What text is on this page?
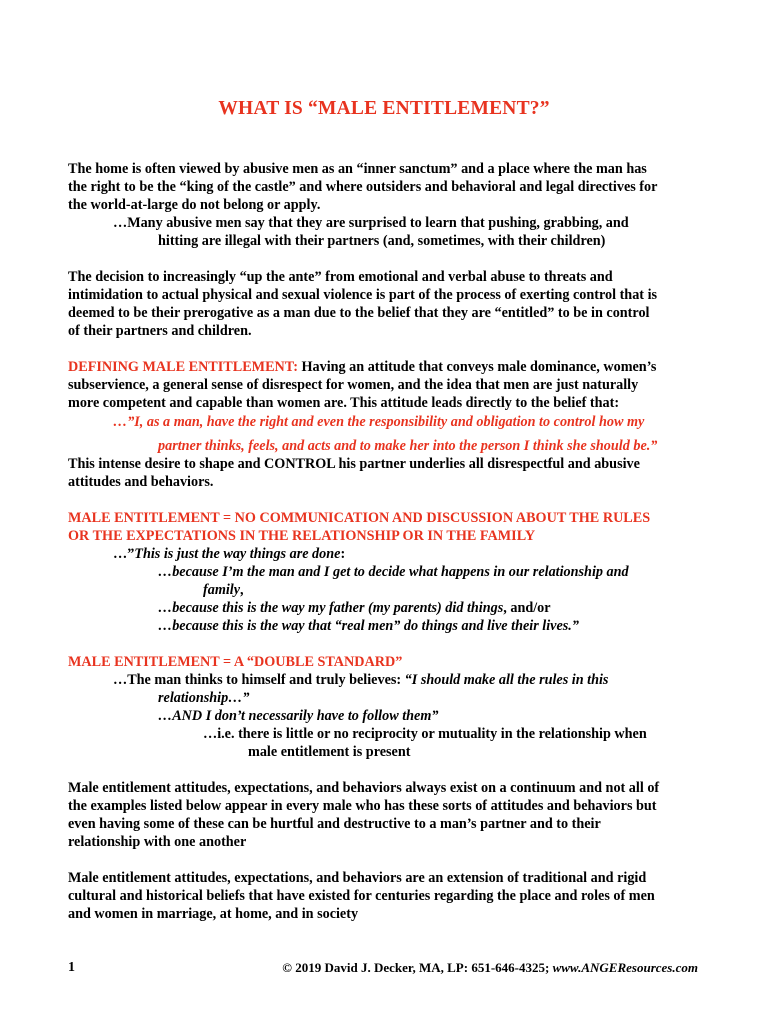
WHAT IS “MALE ENTITLEMENT?”

The home is often viewed by abusive men as an “inner sanctum” and a place where the man has

the right to be the “king of the castle” and where outsiders and behavioral and legal directives for

the world-at-large do not belong or apply.

…Many abusive men say that they are surprised to learn that pushing, grabbing, and

hitting are illegal with their partners (and, sometimes, with their children)

The decision to increasingly “up the ante” from emotional and verbal abuse to threats and

intimidation to actual physical and sexual violence is part of the process of exerting control that is

deemed to be their prerogative as a man due to the belief that they are “entitled” to be in control

of their partners and children.

DEFINING MALE ENTITLEMENT: Having an attitude that conveys male dominance, women’s

subservience, a general sense of disrespect for women, and the idea that men are just naturally

more competent and capable than women are. This attitude leads directly to the belief that:

…”I, as a man, have the right and even the responsibility and obligation to control how my

partner thinks, feels, and acts and to make her into the person I think she should be.”

This intense desire to shape and CONTROL his partner underlies all disrespectful and abusive

attitudes and behaviors.

MALE ENTITLEMENT = NO COMMUNICATION AND DISCUSSION ABOUT THE RULES

OR THE EXPECTATIONS IN THE RELATIONSHIP OR IN THE FAMILY

…”This is just the way things are done:

…because I’m the man and I get to decide what happens in our relationship and

family,

…because this is the way my father (my parents) did things, and/or

…because this is the way that “real men” do things and live their lives.”

MALE ENTITLEMENT = A “DOUBLE STANDARD”

…The man thinks to himself and truly believes: “I should make all the rules in this

relationship…”

…AND I don’t necessarily have to follow them”

…i.e. there is little or no reciprocity or mutuality in the relationship when

male entitlement is present

Male entitlement attitudes, expectations, and behaviors always exist on a continuum and not all of

the examples listed below appear in every male who has these sorts of attitudes and behaviors but

even having some of these can be hurtful and destructive to a man’s partner and to their

relationship with one another

Male entitlement attitudes, expectations, and behaviors are an extension of traditional and rigid

cultural and historical beliefs that have existed for centuries regarding the place and roles of men

and women in marriage, at home, and in society

1	© 2019 David J. Decker, MA, LP: 651-646-4325; www.ANGEResources.com
